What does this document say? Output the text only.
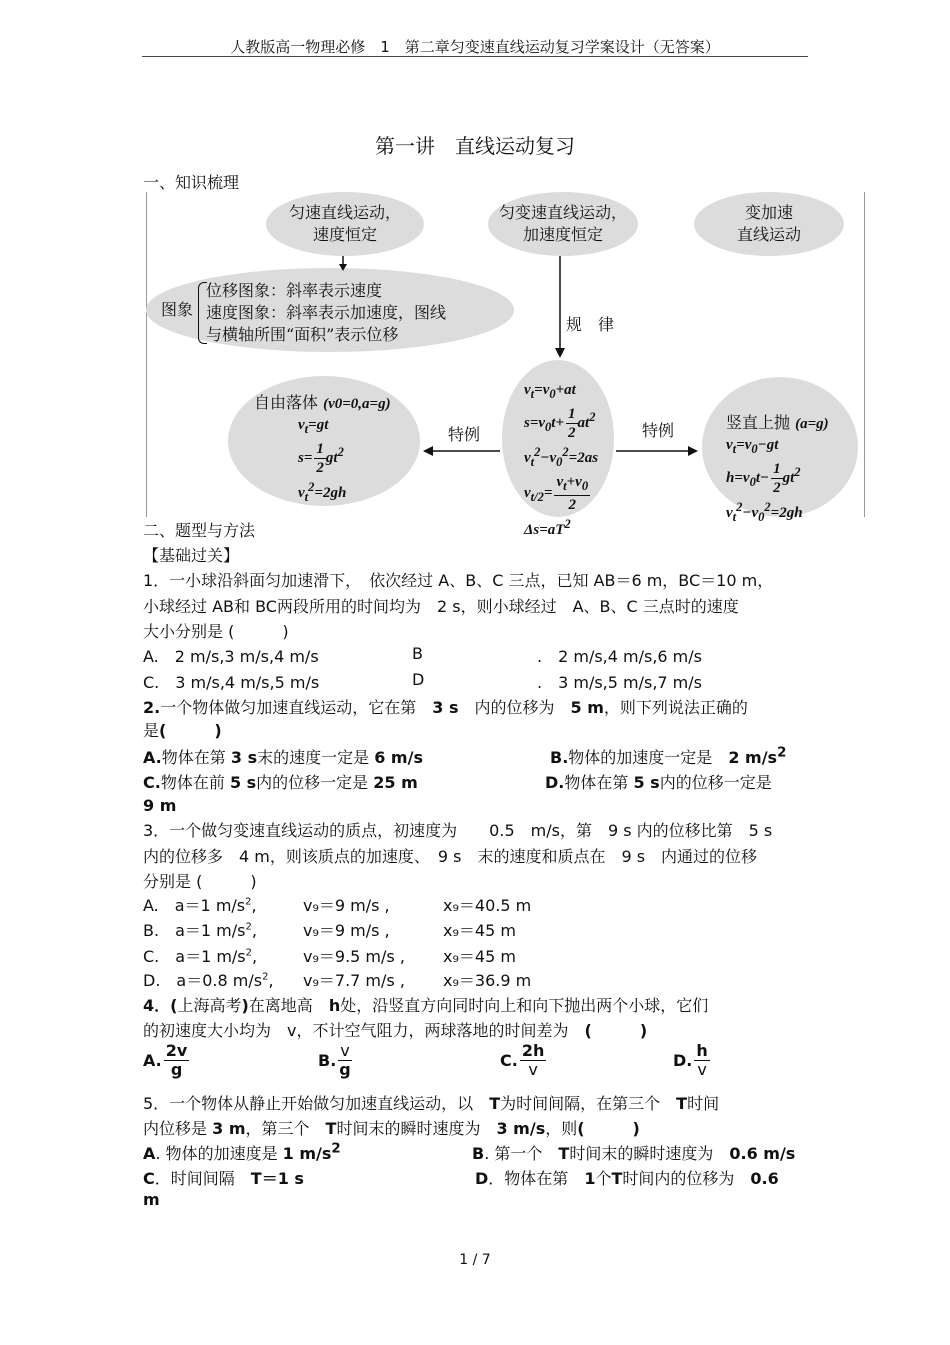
人教版高一物理必修　1　第二章匀变速直线运动复习学案设计（无答案）
第一讲　直线运动复习
一、知识梳理
匀速直线运动，
速度恒定
匀变速直线运动，
加速度恒定
变加速
直线运动
图象
位移图象：斜率表示速度
速度图象：斜率表示加速度，图线
与横轴所围“面积”表示位移
规　律
特例	特例
自由落体 (v0=0,a=g)
$v_t=gt$
$s= \frac{1}{2} gt^2$
$v_t^2=2gh$
$v_t=v_0+at$
$s=v_0t+ \frac{1}{2} at^2$
$v_t^2-v_0^2=2as$
$v_{t/2}= \frac{v_t+v_0}{2}$

$\Delta s=aT^2$
竖直上抛 (a=g)
$v_t=v_0-gt$
$h=v_0t- \frac{1}{2} gt^2$
$v_t^2-v_0^2=2gh$
二、题型与方法
【基础过关】
1．一小球沿斜面匀加速滑下，　依次经过 A、B、C 三点，已知 AB＝6 m，BC＝10 m，
小球经过 AB和 BC两段所用的时间均为　2 s，则小球经过　A、B、C 三点时的速度
大小分别是 (　　　)
A.　2 m/s,3 m/s,4 m/s	B	.　2 m/s,4 m/s,6 m/s
C.　3 m/s,4 m/s,5 m/s	D	.　3 m/s,5 m/s,7 m/s
2.一个物体做匀加速直线运动，它在第　 3 s　 内的位移为　 5 m，则下列说法正确的
是(　　　)
A.物体在第 3 s末的速度一定是 6 m/s	B.物体的加速度一定是　 2 $m/s^2$
C.物体在前 5 s内的位移一定是 25 m	D.物体在第 5 s内的位移一定是
9 m
3．一个做匀变速直线运动的质点，初速度为　　0.5　m/s，第　9 s 内的位移比第　5 s
内的位移多　4 m，则该质点的加速度、　9 s　末的速度和质点在　9 s　内通过的位移
分别是 (　　　)
A.　a＝1 $m/s^2$,	v₉＝9 m/s ,	x₉＝40.5 m
B.　a＝1 $m/s^2$,	v₉＝9 m/s ,	x₉＝45 m
C.　a＝1 $m/s^2$,	v₉＝9.5 m/s , x₉＝45 m
D.　a＝0.8 $m/s^2$, v₉＝7.7 m/s , x₉＝36.9 m
4．(上海高考)在离地高　 h处，沿竖直方向同时向上和向下抛出两个小球，它们
的初速度大小均为　v，不计空气阻力，两球落地的时间差为　 (　　　)
A. $\frac{2v}{g}$	B. $\frac{v}{g}$	C. $\frac{2h}{v}$	D. $\frac{h}{v}$
5．一个物体从静止开始做匀加速直线运动，以　 T为时间间隔，在第三个　 T时间
内位移是 3 m，第三个　 T时间末的瞬时速度为　 3 m/s，则(　　　)
A. 物体的加速度是 1 $m/s^2$	B. 第一个　 T时间末的瞬时速度为　 0.6 m/s
C．时间间隔　 T＝1 s	D．物体在第　 1个T时间内的位移为　 0.6
m
1 / 7
